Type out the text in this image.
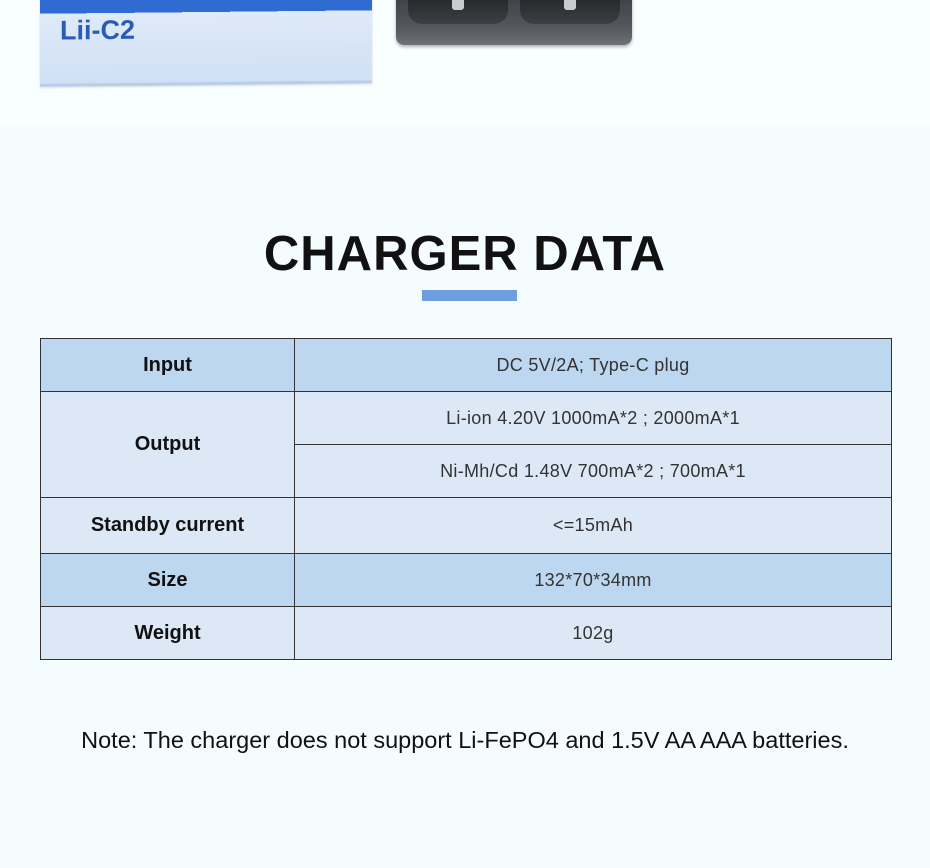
Lii-C2
CHARGER DATA
Input	DC 5V/2A; Type-C plug
Output	Li-ion 4.20V 1000mA*2 ; 2000mA*1
	Ni-Mh/Cd 1.48V 700mA*2 ; 700mA*1
Standby current	<=15mAh
Size	132*70*34mm
Weight	102g
Note: The charger does not support Li-FePO4 and 1.5V AA AAA batteries.
